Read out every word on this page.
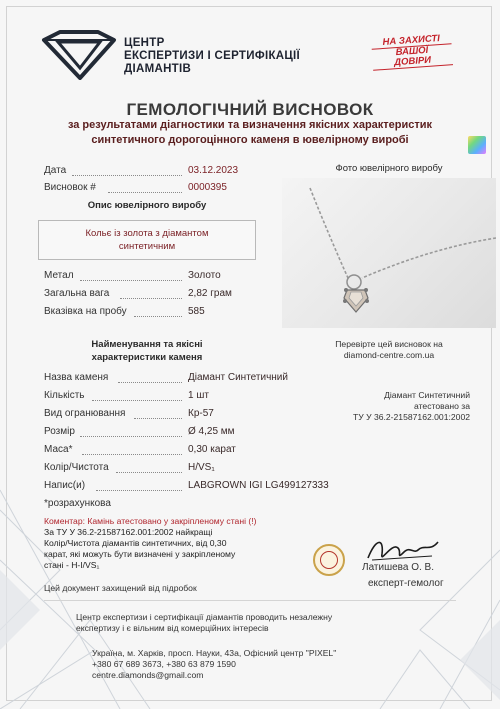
ЦЕНТР
ЕКСПЕРТИЗИ І СЕРТИФІКАЦІЇ
ДІАМАНТІВ
НА ЗАХИСТІ
ВАШОЇ
ДОВІРИ
ГЕМОЛОГІЧНИЙ ВИСНОВОК
за результатами діагностики та визначення якісних характеристик
синтетичного дорогоцінного каменя в ювелірному виробі
Дата	03.12.2023
Висновок #	0000395
Опис ювелірного виробу
Кольє із золота з діамантом
синтетичним
Метал	Золото
Загальна вага	2,82 грам
Вказівка на пробу	585
Фото ювелірного виробу
Перевірте цей висновок на
diamond-centre.com.ua
Діамант Синтетичний
атестовано за
ТУ У 36.2-21587162.001:2002
Найменування та якісні
характеристики каменя
Назва каменя	Діамант Синтетичний
Кількість	1 шт
Вид огранювання	Кр-57
Розмір	Ø 4,25 мм
Маса*	0,30 карат
Колір/Чистота	H/VS₁
Напис(и)	LABGROWN IGI LG499127333
*розрахункова
Коментар: Камінь атестовано у закріпленому стані (!)
За ТУ У 36.2-21587162.001:2002 найкращі
Колір/Чистота діамантів синтетичних, від 0,30
карат, які можуть бути визначені у закріпленому
стані - H-I/VS₁
Цей документ захищений від підробок
Латишева О. В.
експерт-гемолог
Центр експертизи і сертифікації діамантів проводить незалежну
експертизу і є вільним від комерційних інтересів
Україна, м. Харків, просп. Науки, 43а, Офісний центр "PIXEL"
+380 67 689 3673, +380 63 879 1590
centre.diamonds@gmail.com
